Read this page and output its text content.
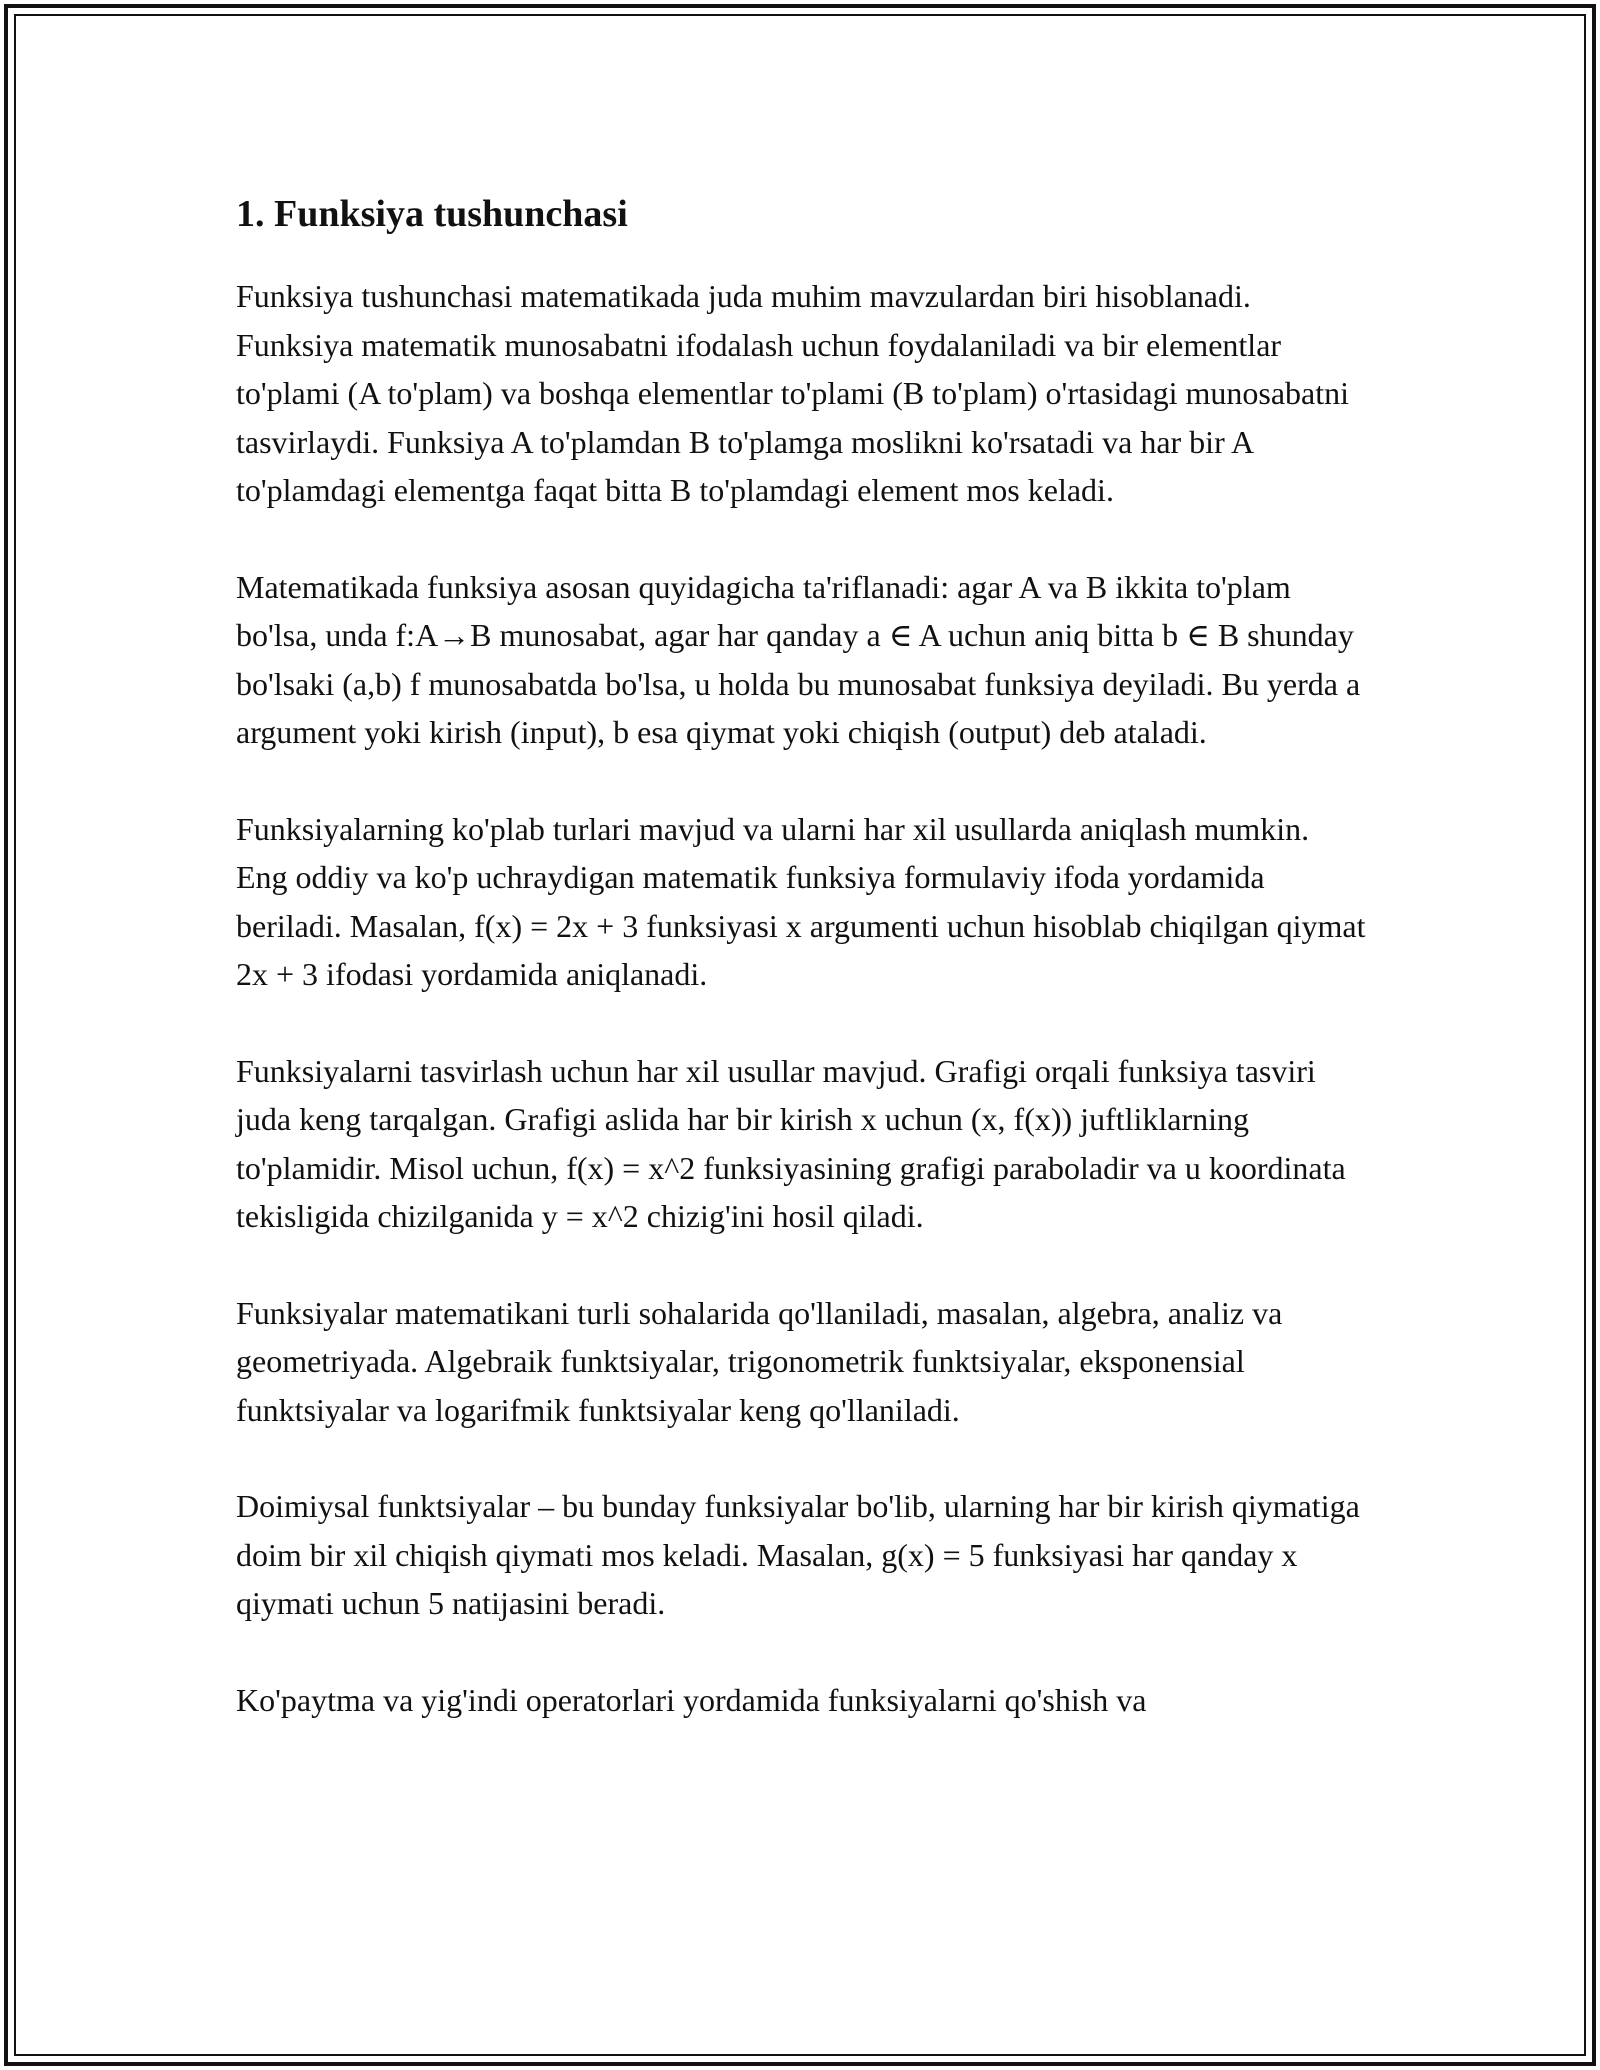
1. Funksiya tushunchasi

Funksiya tushunchasi matematikada juda muhim mavzulardan biri hisoblanadi. Funksiya matematik munosabatni ifodalash uchun foydalaniladi va bir elementlar to'plami (A to'plam) va boshqa elementlar to'plami (B to'plam) o'rtasidagi munosabatni tasvirlaydi. Funksiya A to'plamdan B to'plamga moslikni ko'rsatadi va har bir A to'plamdagi elementga faqat bitta B to'plamdagi element mos keladi.

Matematikada funksiya asosan quyidagicha ta'riflanadi: agar A va B ikkita to'plam bo'lsa, unda f:A→B munosabat, agar har qanday a ∈ A uchun aniq bitta b ∈ B shunday bo'lsaki (a,b) f munosabatda bo'lsa, u holda bu munosabat funksiya deyiladi. Bu yerda a argument yoki kirish (input), b esa qiymat yoki chiqish (output) deb ataladi.

Funksiyalarning ko'plab turlari mavjud va ularni har xil usullarda aniqlash mumkin. Eng oddiy va ko'p uchraydigan matematik funksiya formulaviy ifoda yordamida beriladi. Masalan, f(x) = 2x + 3 funksiyasi x argumenti uchun hisoblab chiqilgan qiymat 2x + 3 ifodasi yordamida aniqlanadi.

Funksiyalarni tasvirlash uchun har xil usullar mavjud. Grafigi orqali funksiya tasviri juda keng tarqalgan. Grafigi aslida har bir kirish x uchun (x, f(x)) juftliklarning to'plamidir. Misol uchun, f(x) = x^2 funksiyasining grafigi paraboladir va u koordinata tekisligida chizilganida y = x^2 chizig'ini hosil qiladi.

Funksiyalar matematikani turli sohalarida qo'llaniladi, masalan, algebra, analiz va geometriyada. Algebraik funktsiyalar, trigonometrik funktsiyalar, eksponensial funktsiyalar va logarifmik funktsiyalar keng qo'llaniladi.

Doimiysal funktsiyalar – bu bunday funksiyalar bo'lib, ularning har bir kirish qiymatiga doim bir xil chiqish qiymati mos keladi. Masalan, g(x) = 5 funksiyasi har qanday x qiymati uchun 5 natijasini beradi.

Ko'paytma va yig'indi operatorlari yordamida funksiyalarni qo'shish va
